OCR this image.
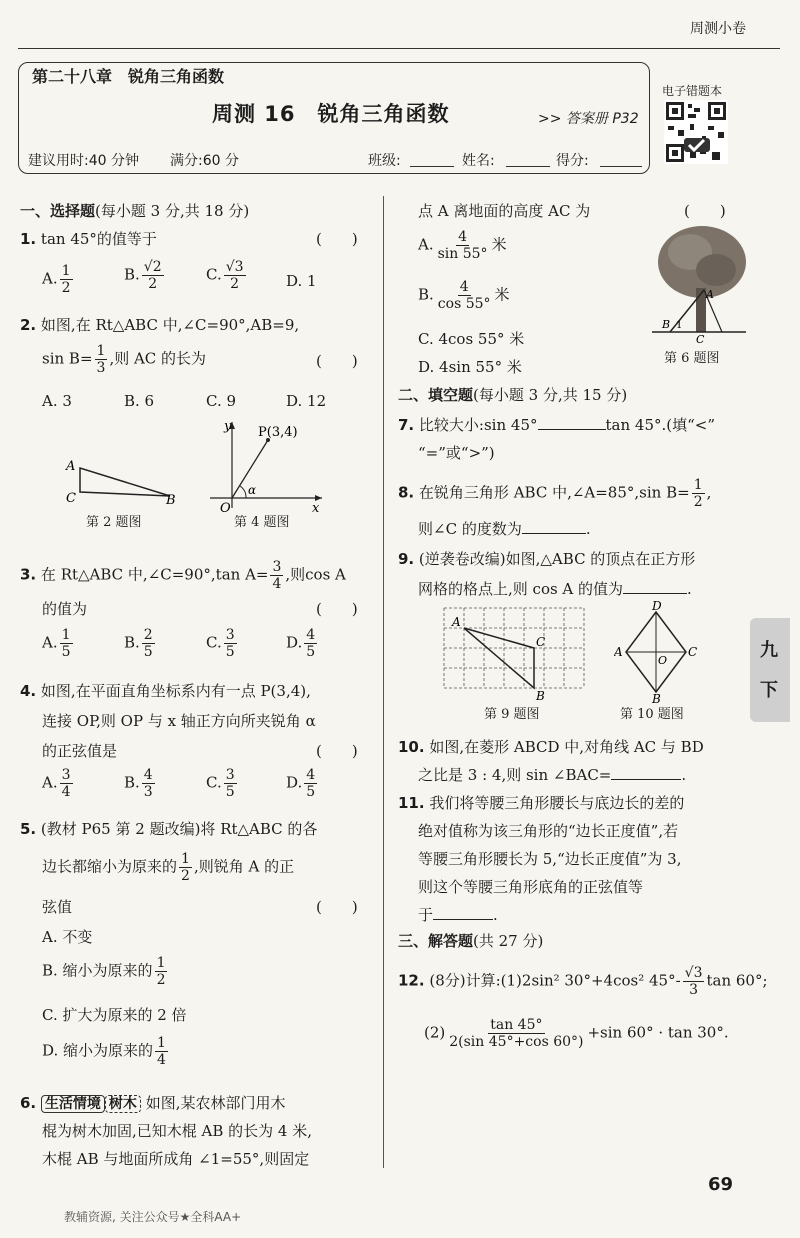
周测小卷
第二十八章　锐角三角函数
周测 16　锐角三角函数	>> 答案册 P32
建议用时:40 分钟 满分:60 分	班级:	姓名:	得分:
电子错题本
一、选择题(每小题 3 分,共 18 分)
1. tan 45°的值等于	(　　)
A. $\frac{1}{2}$	B. $\frac{√2}{2}$	C. $\frac{√3}{2}$	D. 1
2. 如图,在 Rt△ABC 中,∠C=90°,AB=9,
$\sin B= \frac{1}{3}$ ,则 AC 的长为	(　　)
A. 3	B. 6	C. 9	D. 12
A
C	B
第 2 题图
y
x
O
α
P(3,4)
第 4 题图
3. 在 Rt△ABC 中,∠C=90°,tan $A= \frac{3}{4}$ ,则cos A
的值为	(　　)
A. $\frac{1}{5}$	B. $\frac{2}{5}$	C. $\frac{3}{5}$	D. $\frac{4}{5}$
4. 如图,在平面直角坐标系内有一点 P(3,4),
连接 OP,则 OP 与 x 轴正方向所夹锐角 α
的正弦值是	(　　)
A. $\frac{3}{4}$	B. $\frac{4}{3}$	C. $\frac{3}{5}$	D. $\frac{4}{5}$
5. (教材 P65 第 2 题改编)将 Rt△ABC 的各
边长都缩小为原来的 $\frac{1}{2}$ ,则锐角 A 的正
弦值	(　　)
A. 不变
B. 缩小为原来的 $\frac{1}{2}$
C. 扩大为原来的 2 倍
D. 缩小为原来的 $\frac{1}{4}$
6. 生活情境 树木 如图,某农林部门用木
棍为树木加固,已知木棍 AB 的长为 4 米,
木棍 AB 与地面所成角 ∠1=55°,则固定
点 A 离地面的高度 AC 为	(　　)
A. $\frac{4}{\sin 55^\circ}$ 米
B. $\frac{4}{\cos 55^\circ}$ 米
C. 4cos 55° 米
D. 4sin 55° 米
A
B 1
C
第 6 题图
二、填空题(每小题 3 分,共 15 分)
7. 比较大小:sin 45°	tan 45°.(填“<”
“=”或“>”)
8. 在锐角三角形 ABC 中,∠A=85°,sin $B= \frac{1}{2}$ ,
则∠C 的度数为	.
9. (逆袭卷改编)如图,△ABC 的顶点在正方形
网格的格点上,则 cos A 的值为	.
A
C
B
第 9 题图
D
A	C
O
B
第 10 题图
10. 如图,在菱形 ABCD 中,对角线 AC 与 BD
之比是 3 : 4,则 sin ∠BAC=	.
11. 我们将等腰三角形腰长与底边长的差的
绝对值称为该三角形的“边长正度值”,若
等腰三角形腰长为 5,“边长正度值”为 3,
则这个等腰三角形底角的正弦值等
于	.
三、解答题(共 27 分)
12. (8分)计算:(1)2sin² 30°+4cos² $45^\circ- \frac{√3}{3}$ tan 60°;
$(2) \frac{\tan 45^\circ}{2(\sin 45^\circ+\cos 60^\circ)} +\sin$ 60° · tan 30°.
九
下
69
教辅资源, 关注公众号★全科AA+
